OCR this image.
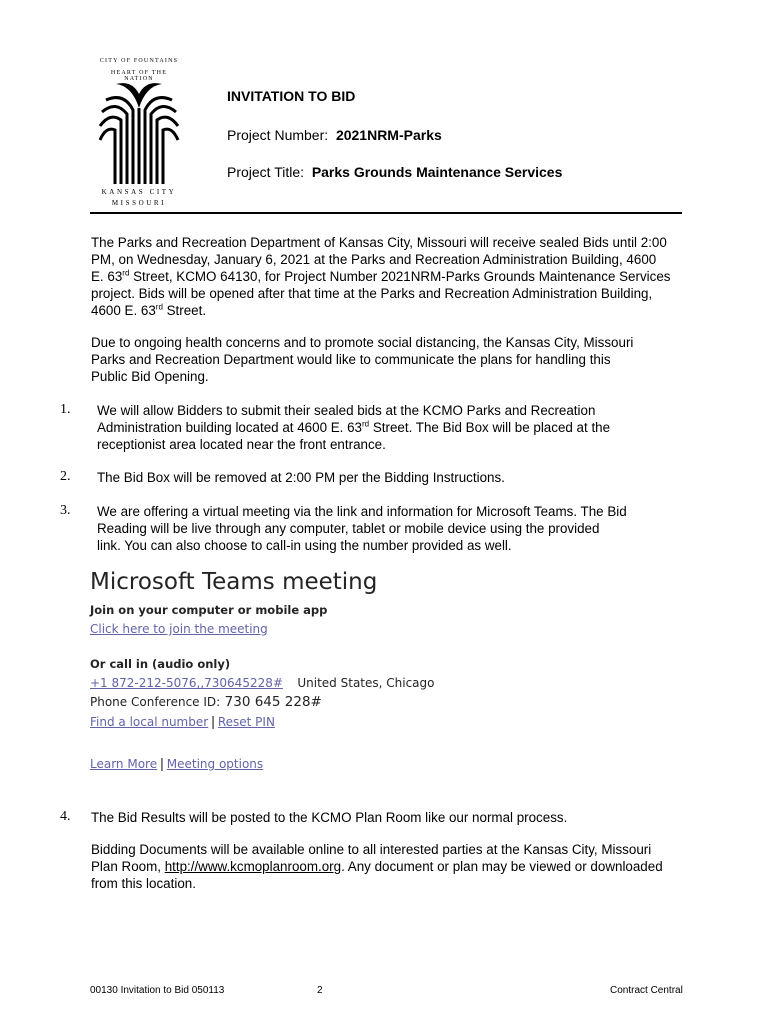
CITY OF FOUNTAINS
HEART OF THE NATION
KANSAS CITY
MISSOURI
INVITATION TO BID
Project Number: 2021NRM-Parks
Project Title: Parks Grounds Maintenance Services
The Parks and Recreation Department of Kansas City, Missouri will receive sealed Bids until 2:00
PM, on Wednesday, January 6, 2021 at the Parks and Recreation Administration Building, 4600
E. 63rd Street, KCMO 64130, for Project Number 2021NRM-Parks Grounds Maintenance Services
project. Bids will be opened after that time at the Parks and Recreation Administration Building,
4600 E. 63rd Street.
Due to ongoing health concerns and to promote social distancing, the Kansas City, Missouri
Parks and Recreation Department would like to communicate the plans for handling this
Public Bid Opening.
1. We will allow Bidders to submit their sealed bids at the KCMO Parks and Recreation
Administration building located at 4600 E. 63rd Street. The Bid Box will be placed at the
receptionist area located near the front entrance.
2. The Bid Box will be removed at 2:00 PM per the Bidding Instructions.
3. We are offering a virtual meeting via the link and information for Microsoft Teams. The Bid
Reading will be live through any computer, tablet or mobile device using the provided
link. You can also choose to call-in using the number provided as well.
Microsoft Teams meeting
Join on your computer or mobile app
Click here to join the meeting
Or call in (audio only)
+1 872-212-5076,,730645228# United States, Chicago
Phone Conference ID: 730 645 228#
Find a local number | Reset PIN
Learn More | Meeting options
4. The Bid Results will be posted to the KCMO Plan Room like our normal process.
Bidding Documents will be available online to all interested parties at the Kansas City, Missouri
Plan Room, http://www.kcmoplanroom.org. Any document or plan may be viewed or downloaded
from this location.
00130 Invitation to Bid 050113	2	Contract Central
